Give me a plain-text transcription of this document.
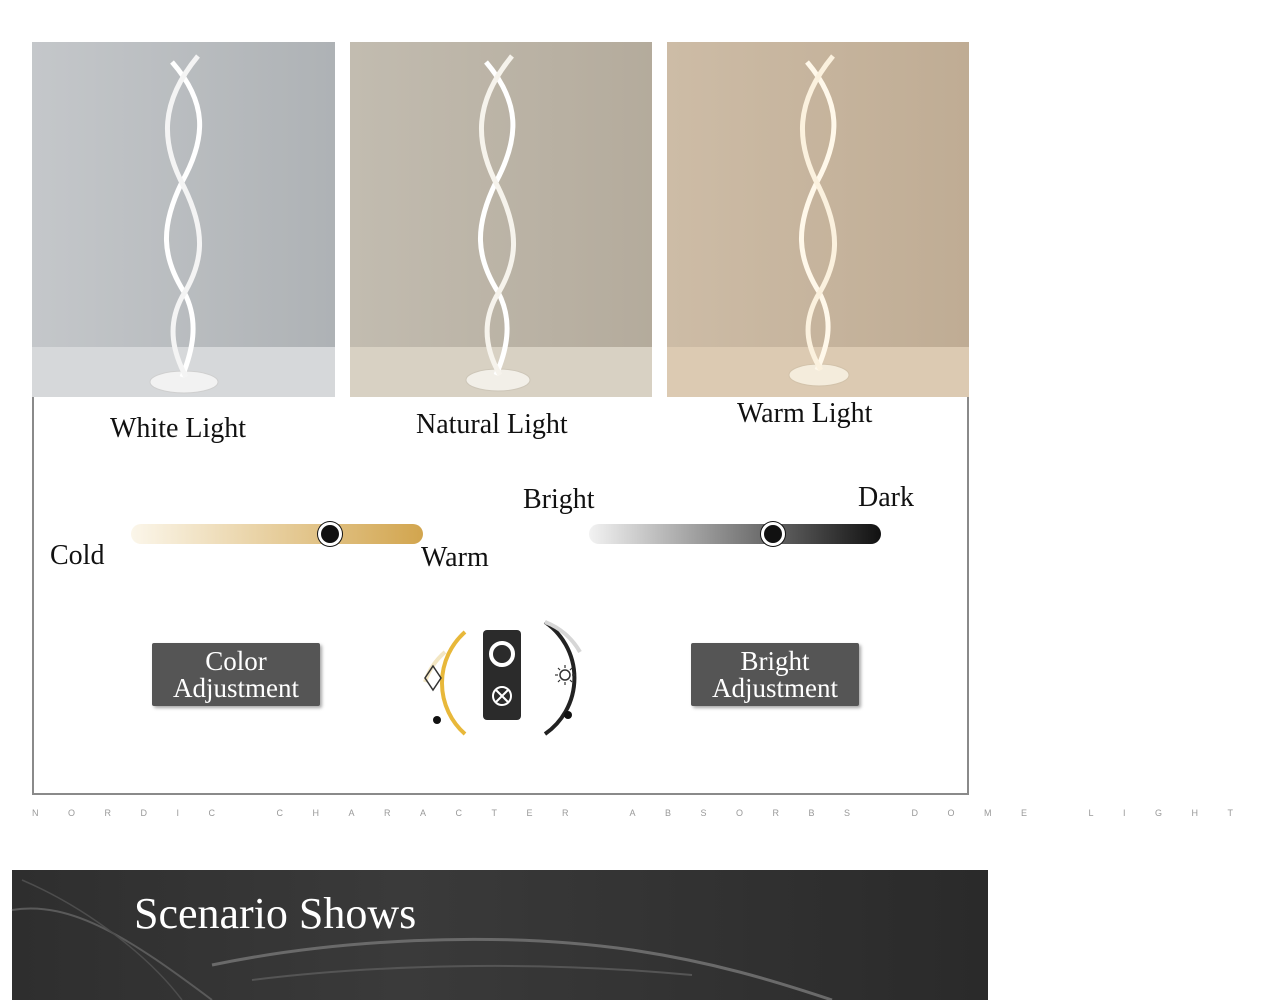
White Light	Natural Light	Warm Light
Cold	Warm
Bright	Dark
Color
Adjustment
Bright
Adjustment
NORDIC CHARACTER ABSORBS DOME LIGHT
Scenario Shows
